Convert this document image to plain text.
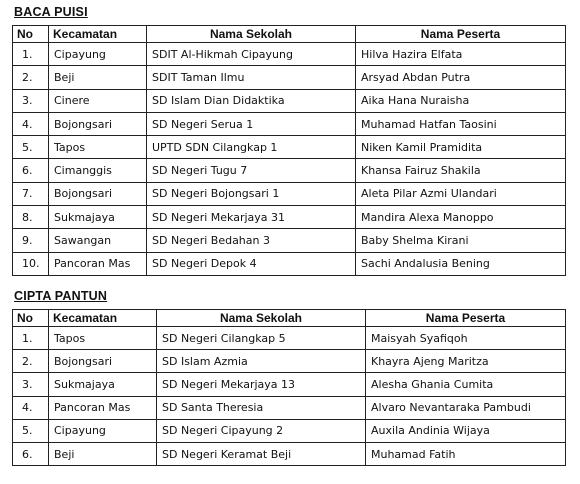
BACA PUISI
No	Kecamatan	Nama Sekolah	Nama Peserta
1.	Cipayung	SDIT Al-Hikmah Cipayung	Hilva Hazira Elfata
2.	Beji	SDIT Taman Ilmu	Arsyad Abdan Putra
3.	Cinere	SD Islam Dian Didaktika	Aika Hana Nuraisha
4.	Bojongsari	SD Negeri Serua 1	Muhamad Hatfan Taosini
5.	Tapos	UPTD SDN Cilangkap 1	Niken Kamil Pramidita
6.	Cimanggis	SD Negeri Tugu 7	Khansa Fairuz Shakila
7.	Bojongsari	SD Negeri Bojongsari 1	Aleta Pilar Azmi Ulandari
8.	Sukmajaya	SD Negeri Mekarjaya 31	Mandira Alexa Manoppo
9.	Sawangan	SD Negeri Bedahan 3	Baby Shelma Kirani
10.	Pancoran Mas	SD Negeri Depok 4	Sachi Andalusia Bening
CIPTA PANTUN
No	Kecamatan	Nama Sekolah	Nama Peserta
1.	Tapos	SD Negeri Cilangkap 5	Maisyah Syafiqoh
2.	Bojongsari	SD Islam Azmia	Khayra Ajeng Maritza
3.	Sukmajaya	SD Negeri Mekarjaya 13	Alesha Ghania Cumita
4.	Pancoran Mas	SD Santa Theresia	Alvaro Nevantaraka Pambudi
5.	Cipayung	SD Negeri Cipayung 2	Auxila Andinia Wijaya
6.	Beji	SD Negeri Keramat Beji	Muhamad Fatih
